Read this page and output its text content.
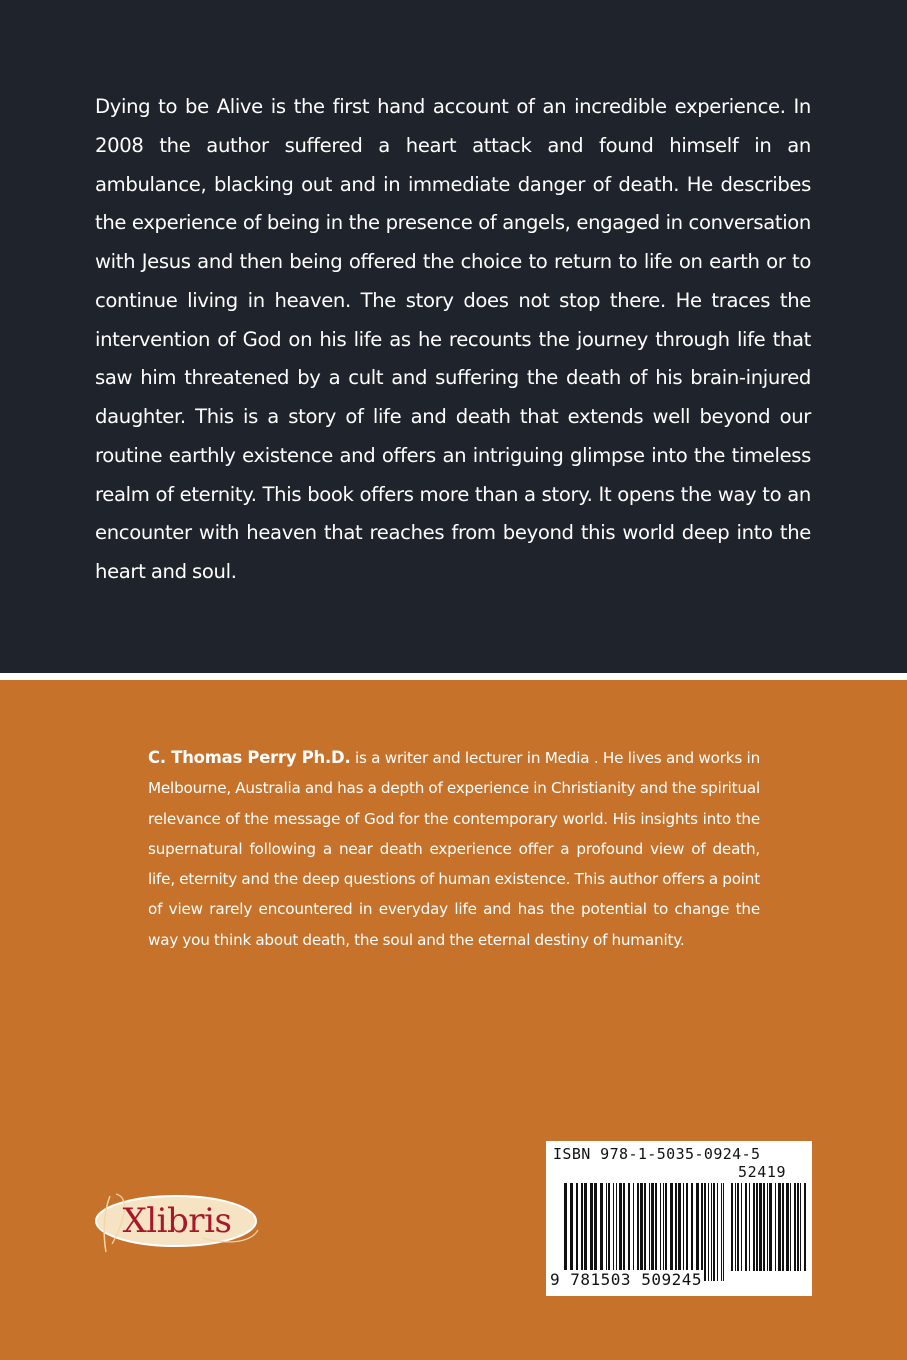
Dying to be Alive is the first hand account of an incredible experience. In 2008 the author suffered a heart attack and found himself in an ambulance, blacking out and in immediate danger of death. He describes the experience of being in the presence of angels, engaged in conversation with Jesus and then being offered the choice to return to life on earth or to continue living in heaven. The story does not stop there. He traces the intervention of God on his life as he recounts the journey through life that saw him threatened by a cult and suffering the death of his brain-injured daughter. This is a story of life and death that extends well beyond our routine earthly existence and offers an intriguing glimpse into the timeless realm of eternity. This book offers more than a story. It opens the way to an encounter with heaven that reaches from beyond this world deep into the heart and soul.

C. Thomas Perry Ph.D. is a writer and lecturer in Media . He lives and works in Melbourne, Australia and has a depth of experience in Christianity and the spiritual relevance of the message of God for the contemporary world. His insights into the supernatural following a near death experience offer a profound view of death, life, eternity and the deep questions of human existence. This author offers a point of view rarely encountered in everyday life and has the potential to change the way you think about death, the soul and the eternal destiny of humanity.

Xlibris
ISBN 978-1-5035-0924-5
52419
9 781503 509245
